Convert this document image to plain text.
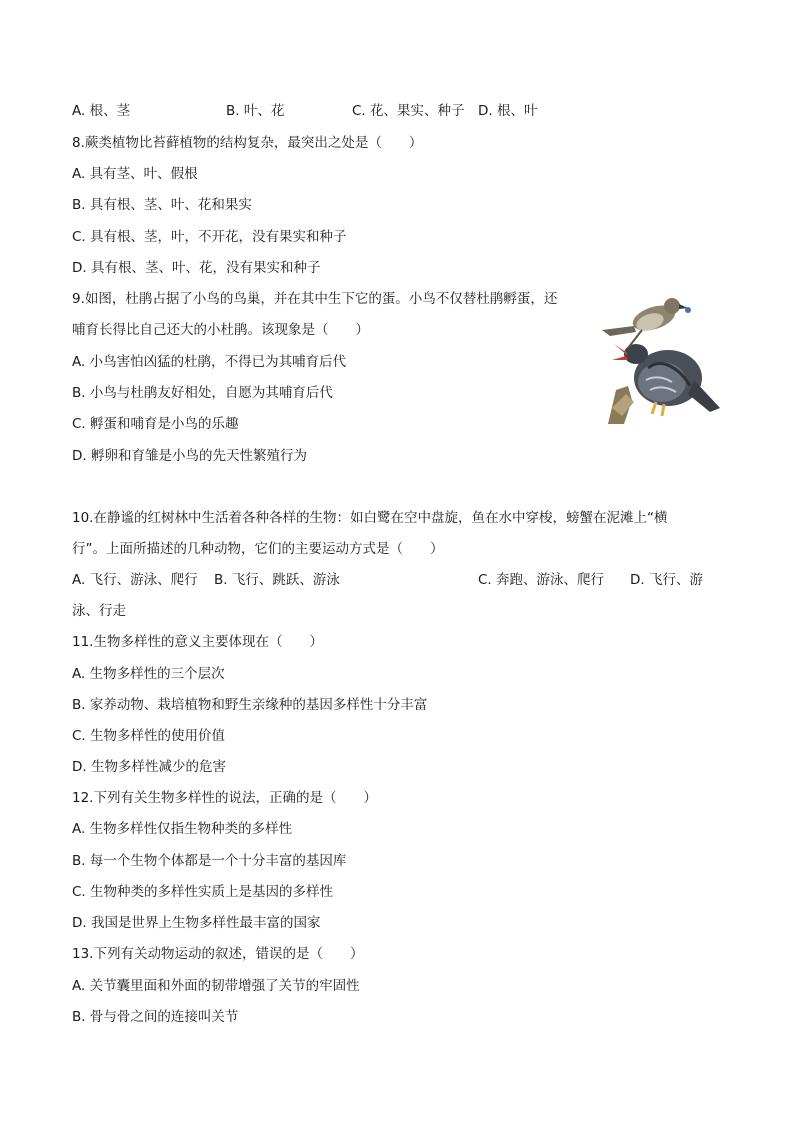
A. 根、茎	B. 叶、花	C. 花、果实、种子 D. 根、叶
8.蕨类植物比苔藓植物的结构复杂，最突出之处是（　　）
A. 具有茎、叶、假根
B. 具有根、茎、叶、花和果实
C. 具有根、茎，叶，不开花，没有果实和种子
D. 具有根、茎、叶、花，没有果实和种子
9.如图，杜鹃占据了小鸟的鸟巢，并在其中生下它的蛋。小鸟不仅替杜鹃孵蛋，还
哺育长得比自己还大的小杜鹃。该现象是（　　）
A. 小鸟害怕凶猛的杜鹃，不得已为其哺育后代
B. 小鸟与杜鹃友好相处，自愿为其哺育后代
C. 孵蛋和哺育是小鸟的乐趣
D. 孵卵和育雏是小鸟的先天性繁殖行为
10.在静谧的红树林中生活着各种各样的生物：如白鹭在空中盘旋，鱼在水中穿梭，螃蟹在泥滩上“横
行”。上面所描述的几种动物，它们的主要运动方式是（　　）
A. 飞行、游泳、爬行 B. 飞行、跳跃、游泳	C. 奔跑、游泳、爬行 D. 飞行、游
泳、行走
11.生物多样性的意义主要体现在（　　）
A. 生物多样性的三个层次
B. 家养动物、栽培植物和野生亲缘种的基因多样性十分丰富
C. 生物多样性的使用价值
D. 生物多样性减少的危害
12.下列有关生物多样性的说法，正确的是（　　）
A. 生物多样性仅指生物种类的多样性
B. 每一个生物个体都是一个十分丰富的基因库
C. 生物种类的多样性实质上是基因的多样性
D. 我国是世界上生物多样性最丰富的国家
13.下列有关动物运动的叙述，错误的是（　　）
A. 关节囊里面和外面的韧带增强了关节的牢固性
B. 骨与骨之间的连接叫关节
